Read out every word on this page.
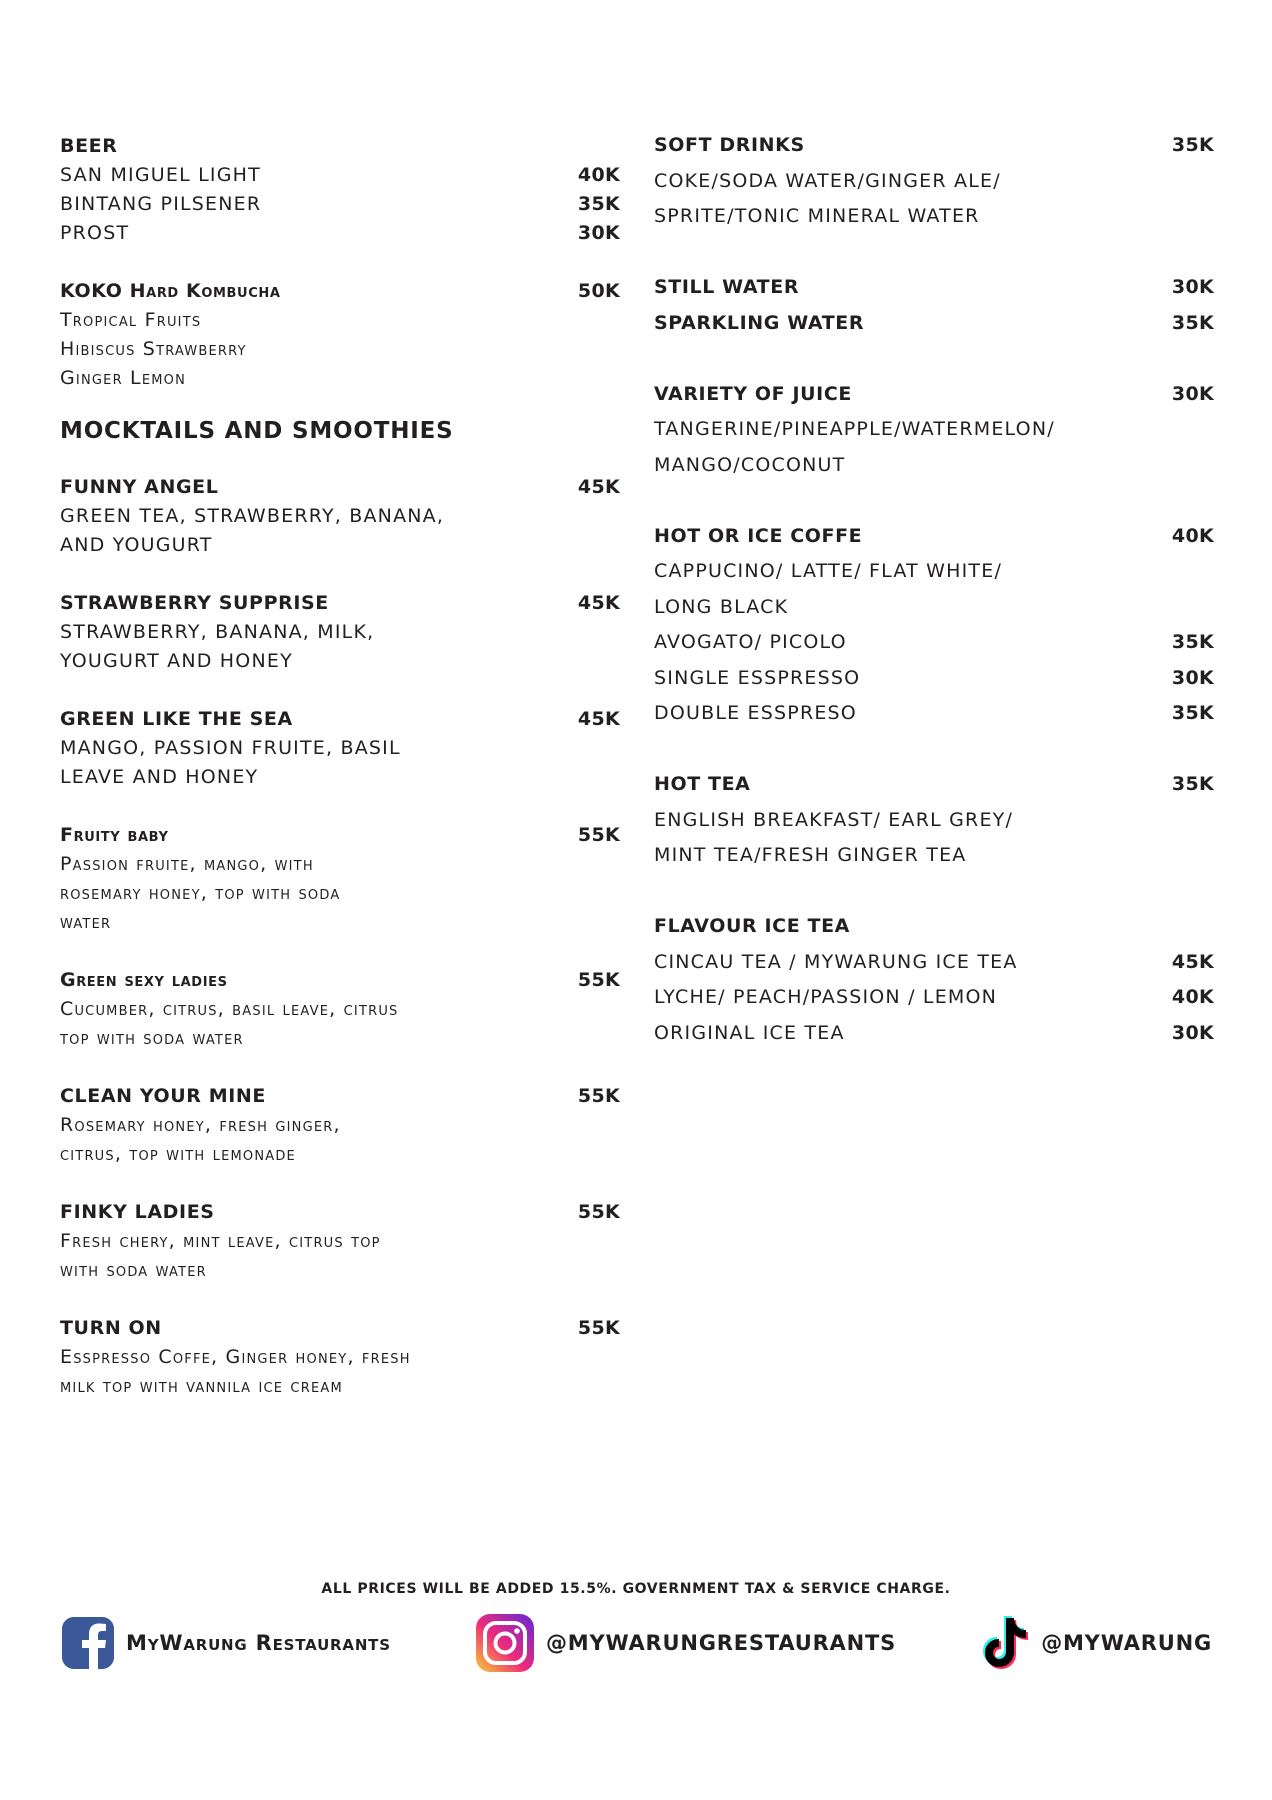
BEER
SAN MIGUEL LIGHT	40K
BINTANG PILSENER	35K
PROST	30K
KOKO Hard Kombucha	50K
Tropical Fruits
Hibiscus Strawberry
Ginger Lemon
MOCKTAILS AND SMOOTHIES
FUNNY ANGEL	45K
GREEN TEA, STRAWBERRY, BANANA,
AND YOUGURT
STRAWBERRY SUPPRISE	45K
STRAWBERRY, BANANA, MILK,
YOUGURT AND HONEY
GREEN LIKE THE SEA	45K
MANGO, PASSION FRUITE, BASIL
LEAVE AND HONEY
Fruity baby	55K
Passion fruite, mango, with
rosemary honey, top with soda
water
Green sexy ladies	55K
Cucumber, citrus, basil leave, citrus
top with soda water
CLEAN YOUR MINE	55K
Rosemary honey, fresh ginger,
citrus, top with lemonade
FINKY LADIES	55K
Fresh chery, mint leave, citrus top
with soda water
TURN ON	55K
Esspresso Coffe, Ginger honey, fresh
milk top with vannila ice cream
SOFT DRINKS	35K
COKE/SODA WATER/GINGER ALE/
SPRITE/TONIC MINERAL WATER
STILL WATER	30K
SPARKLING WATER	35K
VARIETY OF JUICE	30K
TANGERINE/PINEAPPLE/WATERMELON/
MANGO/COCONUT
HOT OR ICE COFFE	40K
CAPPUCINO/ LATTE/ FLAT WHITE/
LONG BLACK
AVOGATO/ PICOLO	35K
SINGLE ESSPRESSO	30K
DOUBLE ESSPRESO	35K
HOT TEA	35K
ENGLISH BREAKFAST/ EARL GREY/
MINT TEA/FRESH GINGER TEA
FLAVOUR ICE TEA
CINCAU TEA / MYWARUNG ICE TEA	45K
LYCHE/ PEACH/PASSION / LEMON	40K
ORIGINAL ICE TEA	30K
ALL PRICES WILL BE ADDED 15.5%. GOVERNMENT TAX & SERVICE CHARGE.
MyWarung Restaurants	@MYWARUNGRESTAURANTS	@MYWARUNG
